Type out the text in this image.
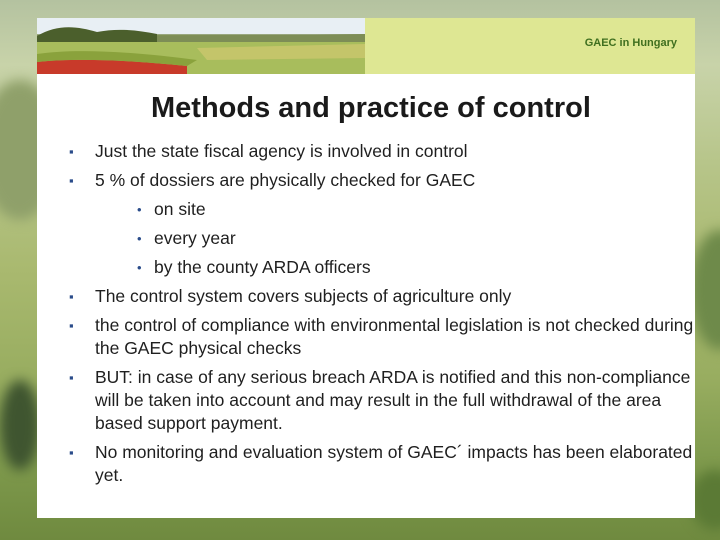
GAEC in Hungary
Methods and practice of control
▪ Just the state fiscal agency is involved in control
▪ 5 % of dossiers are physically checked for GAEC
• on site
• every year
• by the county ARDA officers
▪ The control system covers subjects of agriculture only
▪ the control of compliance with environmental legislation is not checked during the GAEC physical checks
▪ BUT: in case of any serious breach ARDA is notified and this non-compliance will be taken into account and may result in the full withdrawal of the area based support payment.
▪ No monitoring and evaluation system of GAEC´ impacts has been elaborated yet.
